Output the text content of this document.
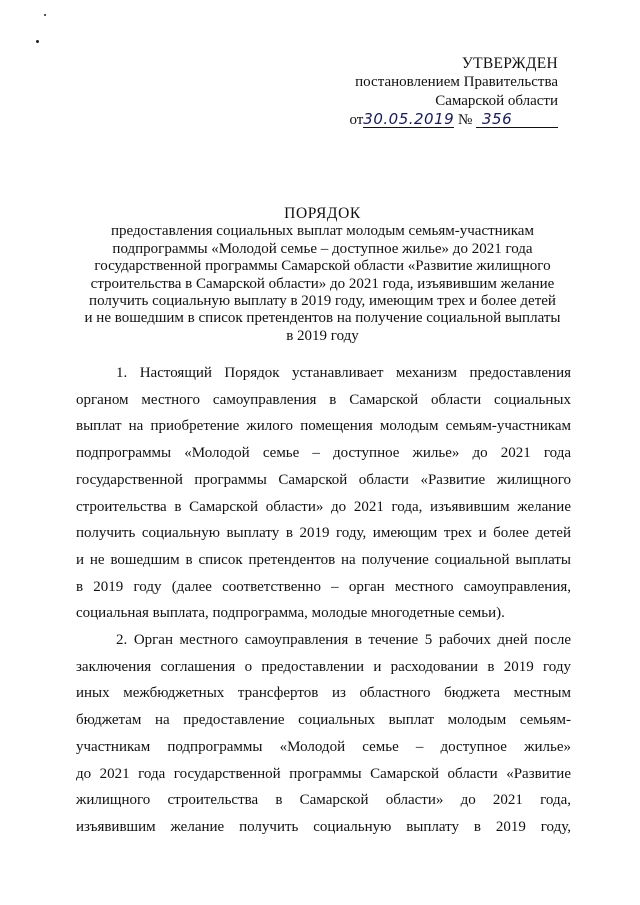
УТВЕРЖДЕН
постановлением Правительства
Самарской области
от30.05.2019 № 356
ПОРЯДОК
предоставления социальных выплат молодым семьям-участникам
подпрограммы «Молодой семье – доступное жилье» до 2021 года
государственной программы Самарской области «Развитие жилищного
строительства в Самарской области» до 2021 года, изъявившим желание
получить социальную выплату в 2019 году, имеющим трех и более детей
и не вошедшим в список претендентов на получение социальной выплаты
в 2019 году
1. Настоящий Порядок устанавливает механизм предоставления
органом местного самоуправления в Самарской области социальных
выплат на приобретение жилого помещения молодым семьям-участникам
подпрограммы «Молодой семье – доступное жилье» до 2021 года
государственной программы Самарской области «Развитие жилищного
строительства в Самарской области» до 2021 года, изъявившим желание
получить социальную выплату в 2019 году, имеющим трех и более детей
и не вошедшим в список претендентов на получение социальной выплаты
в 2019 году (далее соответственно – орган местного самоуправления,
социальная выплата, подпрограмма, молодые многодетные семьи).
2. Орган местного самоуправления в течение 5 рабочих дней после
заключения соглашения о предоставлении и расходовании в 2019 году
иных межбюджетных трансфертов из областного бюджета местным
бюджетам на предоставление социальных выплат молодым семьям-
участникам подпрограммы «Молодой семье – доступное жилье»
до 2021 года государственной программы Самарской области «Развитие
жилищного строительства в Самарской области» до 2021 года,
изъявившим желание получить социальную выплату в 2019 году,
